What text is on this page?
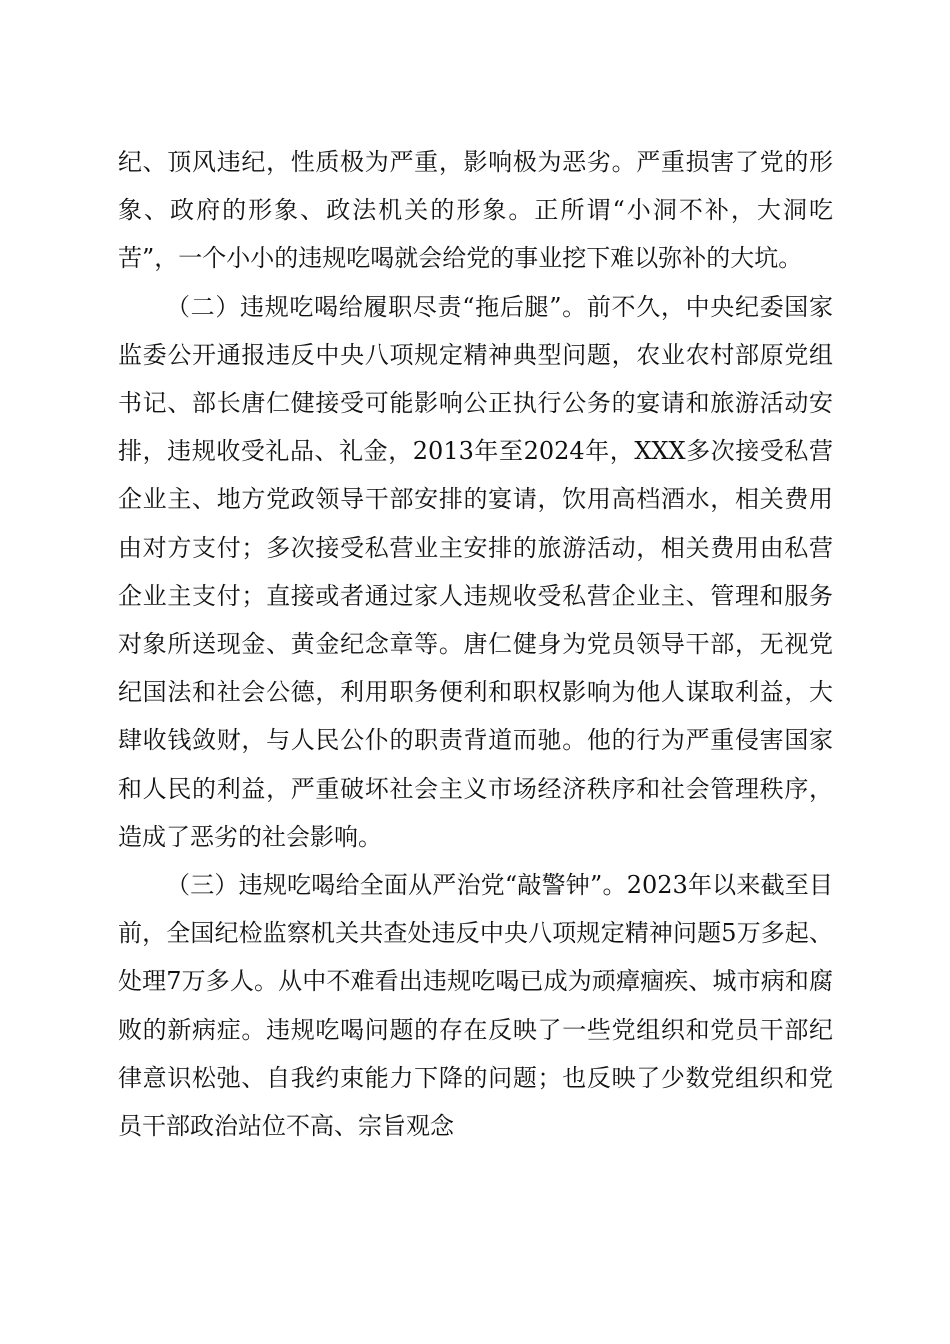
纪、顶风违纪，性质极为严重，影响极为恶劣。严重损害了党的形象、政府的形象、政法机关的形象。正所谓“小洞不补，大洞吃苦”，一个小小的违规吃喝就会给党的事业挖下难以弥补的大坑。

（二）违规吃喝给履职尽责“拖后腿”。前不久，中央纪委国家监委公开通报违反中央八项规定精神典型问题，农业农村部原党组书记、部长唐仁健接受可能影响公正执行公务的宴请和旅游活动安排，违规收受礼品、礼金，2013年至2024年，XXX多次接受私营企业主、地方党政领导干部安排的宴请，饮用高档酒水，相关费用由对方支付；多次接受私营业主安排的旅游活动，相关费用由私营企业主支付；直接或者通过家人违规收受私营企业主、管理和服务对象所送现金、黄金纪念章等。唐仁健身为党员领导干部，无视党纪国法和社会公德，利用职务便利和职权影响为他人谋取利益，大肆收钱敛财，与人民公仆的职责背道而驰。他的行为严重侵害国家和人民的利益，严重破坏社会主义市场经济秩序和社会管理秩序，造成了恶劣的社会影响。

（三）违规吃喝给全面从严治党“敲警钟”。2023年以来截至目前，全国纪检监察机关共查处违反中央八项规定精神问题5万多起、处理7万多人。从中不难看出违规吃喝已成为顽瘴痼疾、城市病和腐败的新病症。违规吃喝问题的存在反映了一些党组织和党员干部纪律意识松弛、自我约束能力下降的问题；也反映了少数党组织和党员干部政治站位不高、宗旨观念
